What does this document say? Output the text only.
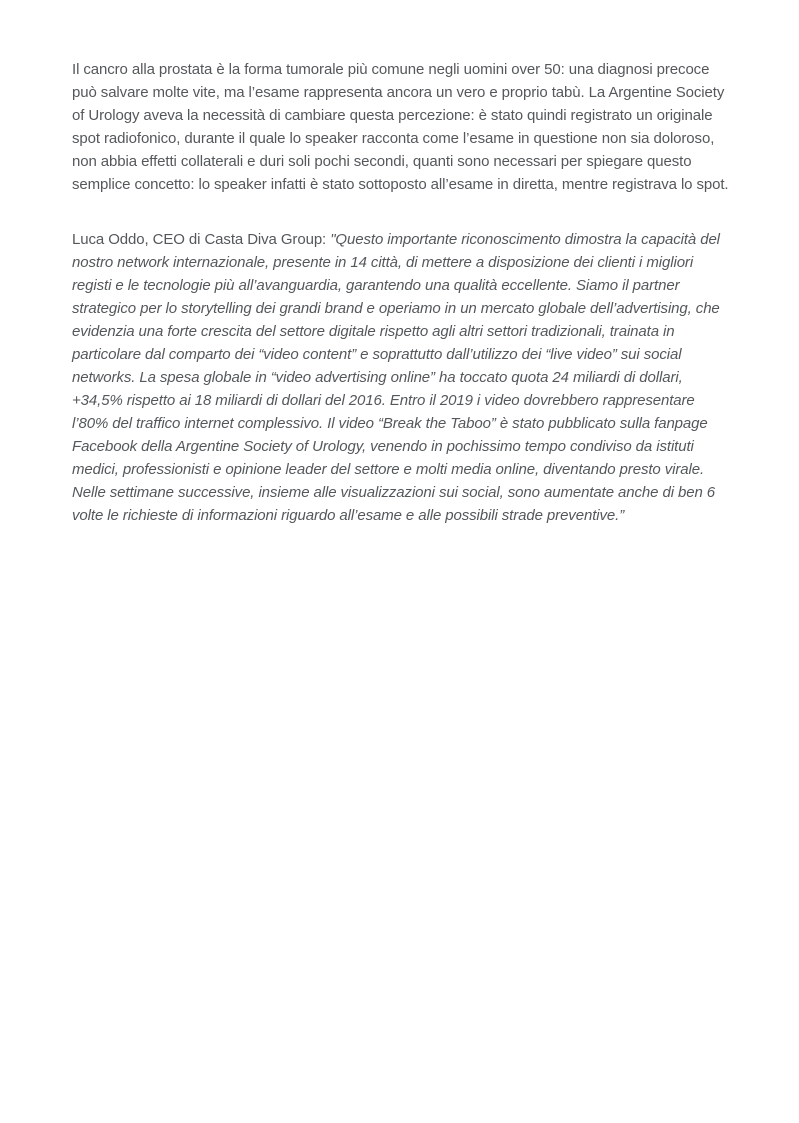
Il cancro alla prostata è la forma tumorale più comune negli uomini over 50: una diagnosi precoce può salvare molte vite, ma l’esame rappresenta ancora un vero e proprio tabù. La Argentine Society of Urology aveva la necessità di cambiare questa percezione: è stato quindi registrato un originale spot radiofonico, durante il quale lo speaker racconta come l’esame in questione non sia doloroso, non abbia effetti collaterali e duri soli pochi secondi, quanti sono necessari per spiegare questo semplice concetto: lo speaker infatti è stato sottoposto all’esame in diretta, mentre registrava lo spot.

Luca Oddo, CEO di Casta Diva Group: "Questo importante riconoscimento dimostra la capacità del nostro network internazionale, presente in 14 città, di mettere a disposizione dei clienti i migliori registi e le tecnologie più all’avanguardia, garantendo una qualità eccellente. Siamo il partner strategico per lo storytelling dei grandi brand e operiamo in un mercato globale dell’advertising, che evidenzia una forte crescita del settore digitale rispetto agli altri settori tradizionali, trainata in particolare dal comparto dei “video content” e soprattutto dall’utilizzo dei “live video” sui social networks. La spesa globale in “video advertising online” ha toccato quota 24 miliardi di dollari, +34,5% rispetto ai 18 miliardi di dollari del 2016. Entro il 2019 i video dovrebbero rappresentare l’80% del traffico internet complessivo. Il video “Break the Taboo” è stato pubblicato sulla fanpage Facebook della Argentine Society of Urology, venendo in pochissimo tempo condiviso da istituti medici, professionisti e opinione leader del settore e molti media online, diventando presto virale. Nelle settimane successive, insieme alle visualizzazioni sui social, sono aumentate anche di ben 6 volte le richieste di informazioni riguardo all’esame e alle possibili strade preventive.”
